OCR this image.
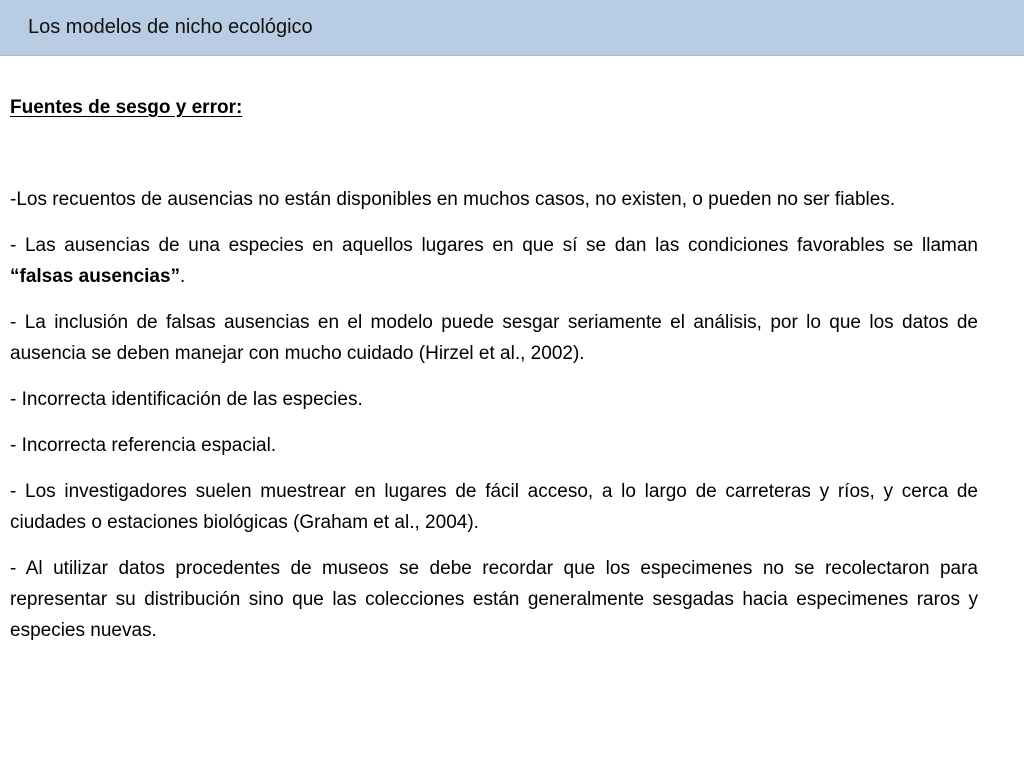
Los modelos de nicho ecológico
Fuentes de sesgo y error:

-Los recuentos de ausencias no están disponibles en muchos casos, no existen, o pueden no ser fiables.

- Las ausencias de una especies en aquellos lugares en que sí se dan las condiciones favorables se llaman “falsas ausencias”.

- La inclusión de falsas ausencias en el modelo puede sesgar seriamente el análisis, por lo que los datos de ausencia se deben manejar con mucho cuidado (Hirzel et al., 2002).

- Incorrecta identificación de las especies.

- Incorrecta referencia espacial.

- Los investigadores suelen muestrear en lugares de fácil acceso, a lo largo de carreteras y ríos, y cerca de ciudades o estaciones biológicas (Graham et al., 2004).

- Al utilizar datos procedentes de museos se debe recordar que los especimenes no se recolectaron para representar su distribución sino que las colecciones están generalmente sesgadas hacia especimenes raros y especies nuevas.
